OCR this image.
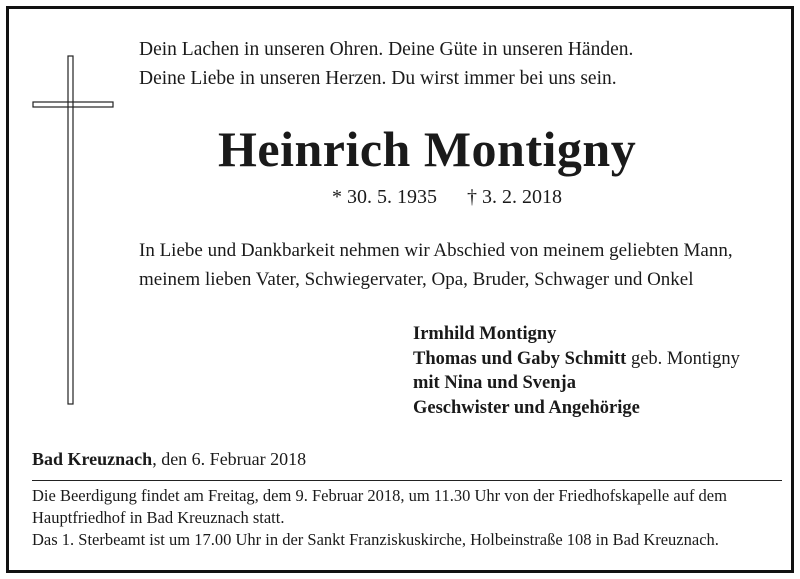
Dein Lachen in unseren Ohren. Deine Güte in unseren Händen.
Deine Liebe in unseren Herzen. Du wirst immer bei uns sein.
Heinrich Montigny
* 30. 5. 1935 † 3. 2. 2018
In Liebe und Dankbarkeit nehmen wir Abschied von meinem geliebten Mann,
meinem lieben Vater, Schwiegervater, Opa, Bruder, Schwager und Onkel
Irmhild Montigny
Thomas und Gaby Schmitt geb. Montigny
mit Nina und Svenja
Geschwister und Angehörige
Bad Kreuznach, den 6. Februar 2018
Die Beerdigung findet am Freitag, dem 9. Februar 2018, um 11.30 Uhr von der Friedhofskapelle auf dem
Hauptfriedhof in Bad Kreuznach statt.
Das 1. Sterbeamt ist um 17.00 Uhr in der Sankt Franziskuskirche, Holbeinstraße 108 in Bad Kreuznach.
